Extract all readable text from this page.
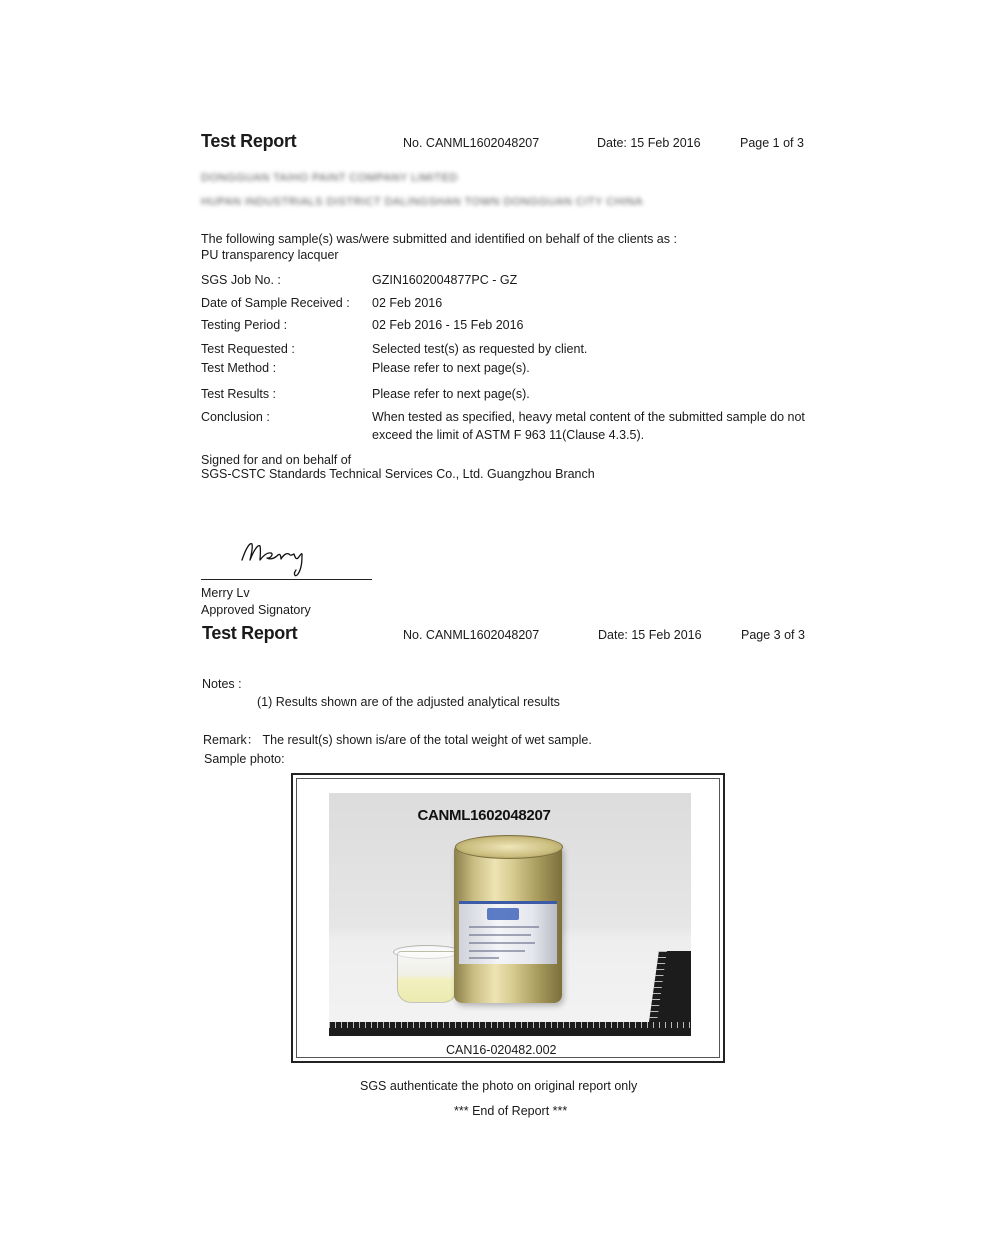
Test Report	No. CANML1602048207	Date: 15 Feb 2016	Page 1 of 3
DONGGUAN TAIHO PAINT COMPANY LIMITED
HUPAN INDUSTRIALS DISTRICT DALINGSHAN TOWN DONGGUAN CITY CHINA
The following sample(s) was/were submitted and identified on behalf of the clients as :
PU transparency lacquer
SGS Job No. :	GZIN1602004877PC - GZ
Date of Sample Received : 02 Feb 2016
Testing Period :	02 Feb 2016 - 15 Feb 2016
Test Requested :	Selected test(s) as requested by client.
Test Method :	Please refer to next page(s).
Test Results :	Please refer to next page(s).
Conclusion :	When tested as specified, heavy metal content of the submitted sample do not
exceed the limit of ASTM F 963 11(Clause 4.3.5).
Signed for and on behalf of
SGS-CSTC Standards Technical Services Co., Ltd. Guangzhou Branch
Merry Lv
Approved Signatory
Test Report	No. CANML1602048207	Date: 15 Feb 2016	Page 3 of 3
Notes :
(1) Results shown are of the adjusted analytical results
Remark： The result(s) shown is/are of the total weight of wet sample.
Sample photo:
CANML1602048207
CAN16-020482.002
SGS authenticate the photo on original report only
*** End of Report ***
